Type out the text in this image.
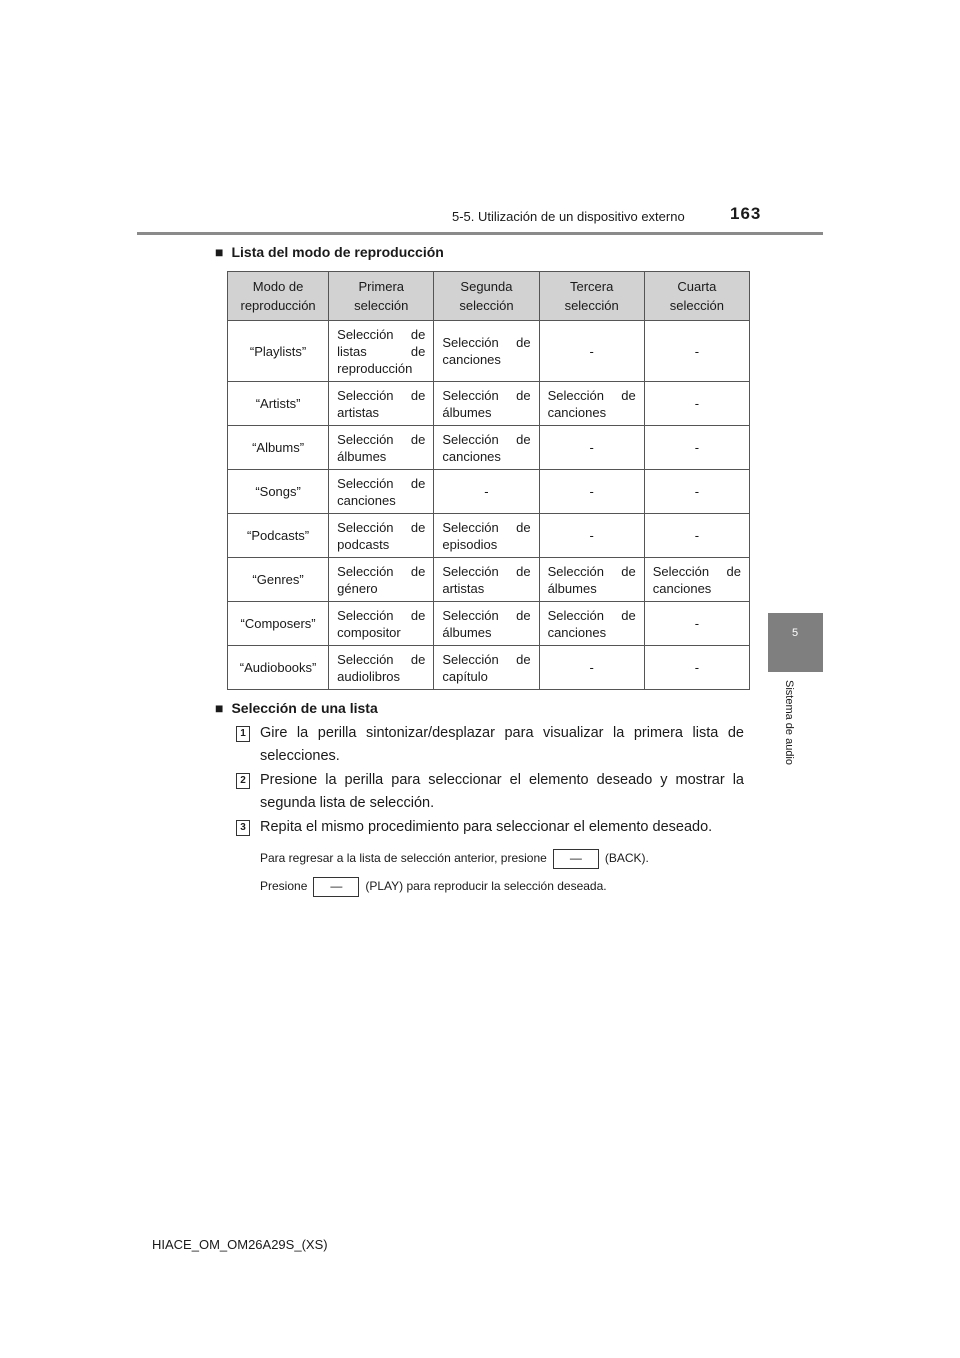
5-5. Utilización de un dispositivo externo	163
5
Sistema de audio
■ Lista del modo de reproducción
Modo de reproducción	Primera selección	Segunda selección	Tercera selección	Cuarta selección
“Playlists”	Selección de listas de reproducción	Selección de canciones	-	-
“Artists”	Selección de artistas	Selección de álbumes	Selección de canciones	-
“Albums”	Selección de álbumes	Selección de canciones	-	-
“Songs”	Selección de canciones	-	-	-
“Podcasts”	Selección de podcasts	Selección de episodios	-	-
“Genres”	Selección de género	Selección de artistas	Selección de álbumes	Selección de canciones
“Composers”	Selección de compositor	Selección de álbumes	Selección de canciones	-
“Audiobooks”	Selección de audiolibros	Selección de capítulo	-	-
■ Selección de una lista
1 Gire la perilla sintonizar/desplazar para visualizar la primera lista de selecciones.
2 Presione la perilla para seleccionar el elemento deseado y mostrar la segunda lista de selección.
3 Repita el mismo procedimiento para seleccionar el elemento deseado.
Para regresar a la lista de selección anterior, presione — (BACK).
Presione — (PLAY) para reproducir la selección deseada.
HIACE_OM_OM26A29S_(XS)
